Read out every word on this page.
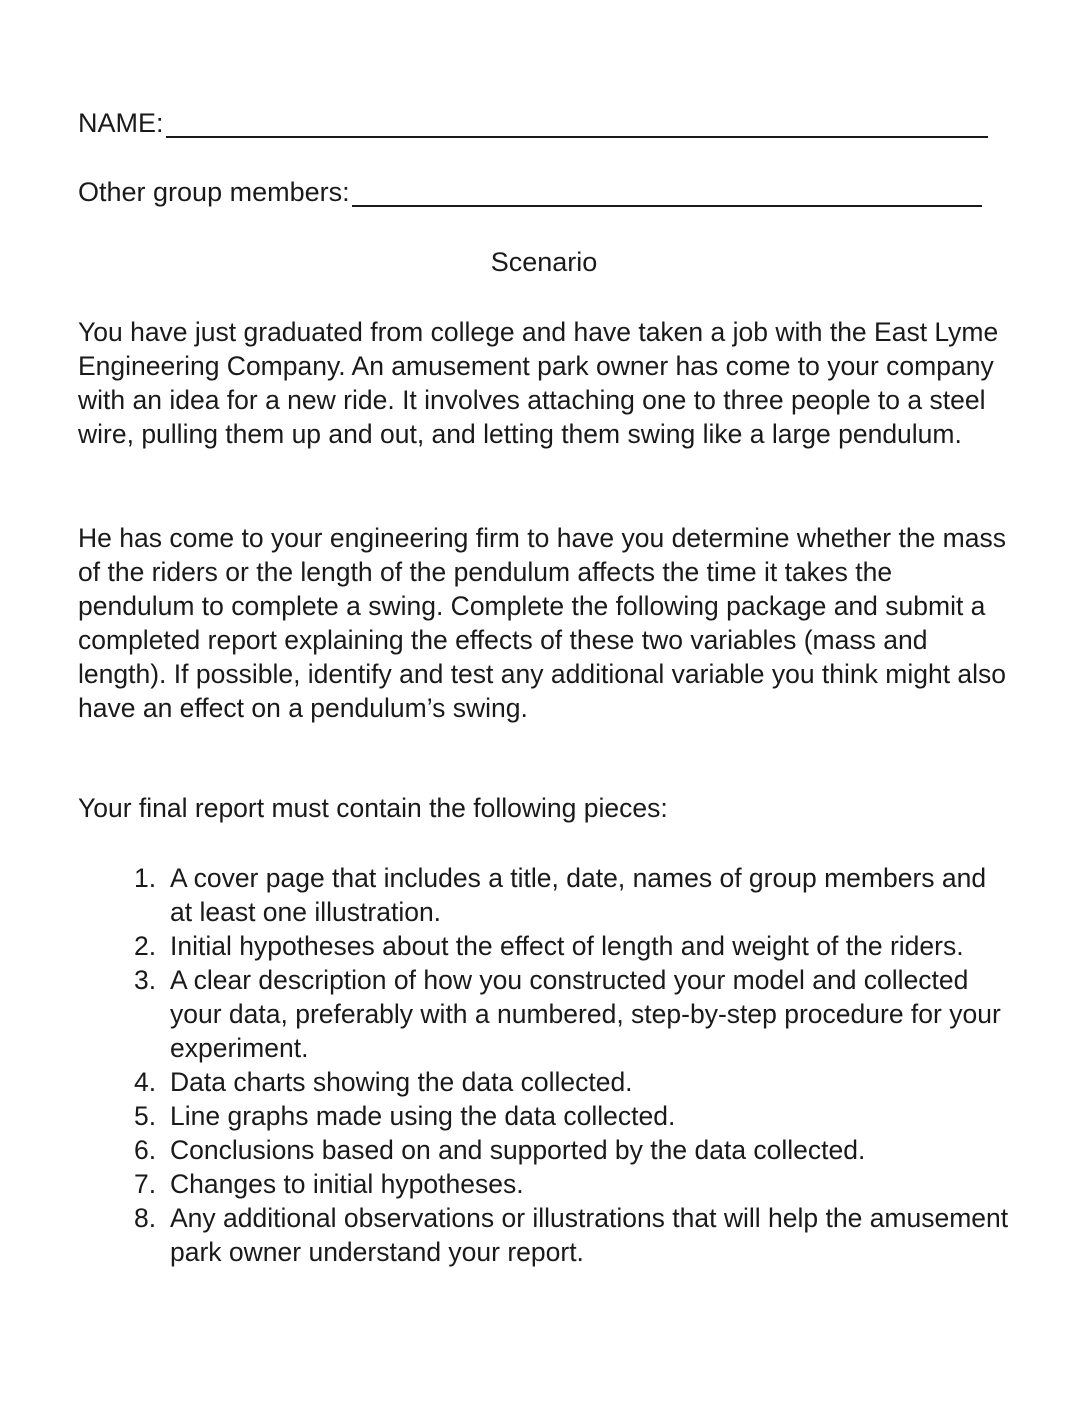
NAME:
Other group members:
Scenario

You have just graduated from college and have taken a job with the East Lyme Engineering Company. An amusement park owner has come to your company with an idea for a new ride. It involves attaching one to three people to a steel wire, pulling them up and out, and letting them swing like a large pendulum.

He has come to your engineering firm to have you determine whether the mass of the riders or the length of the pendulum affects the time it takes the pendulum to complete a swing. Complete the following package and submit a completed report explaining the effects of these two variables (mass and length). If possible, identify and test any additional variable you think might also have an effect on a pendulum’s swing.

Your final report must contain the following pieces:

1. A cover page that includes a title, date, names of group members and at least one illustration.
2. Initial hypotheses about the effect of length and weight of the riders.
3. A clear description of how you constructed your model and collected your data, preferably with a numbered, step-by-step procedure for your experiment.
4. Data charts showing the data collected.
5. Line graphs made using the data collected.
6. Conclusions based on and supported by the data collected.
7. Changes to initial hypotheses.
8. Any additional observations or illustrations that will help the amusement park owner understand your report.
